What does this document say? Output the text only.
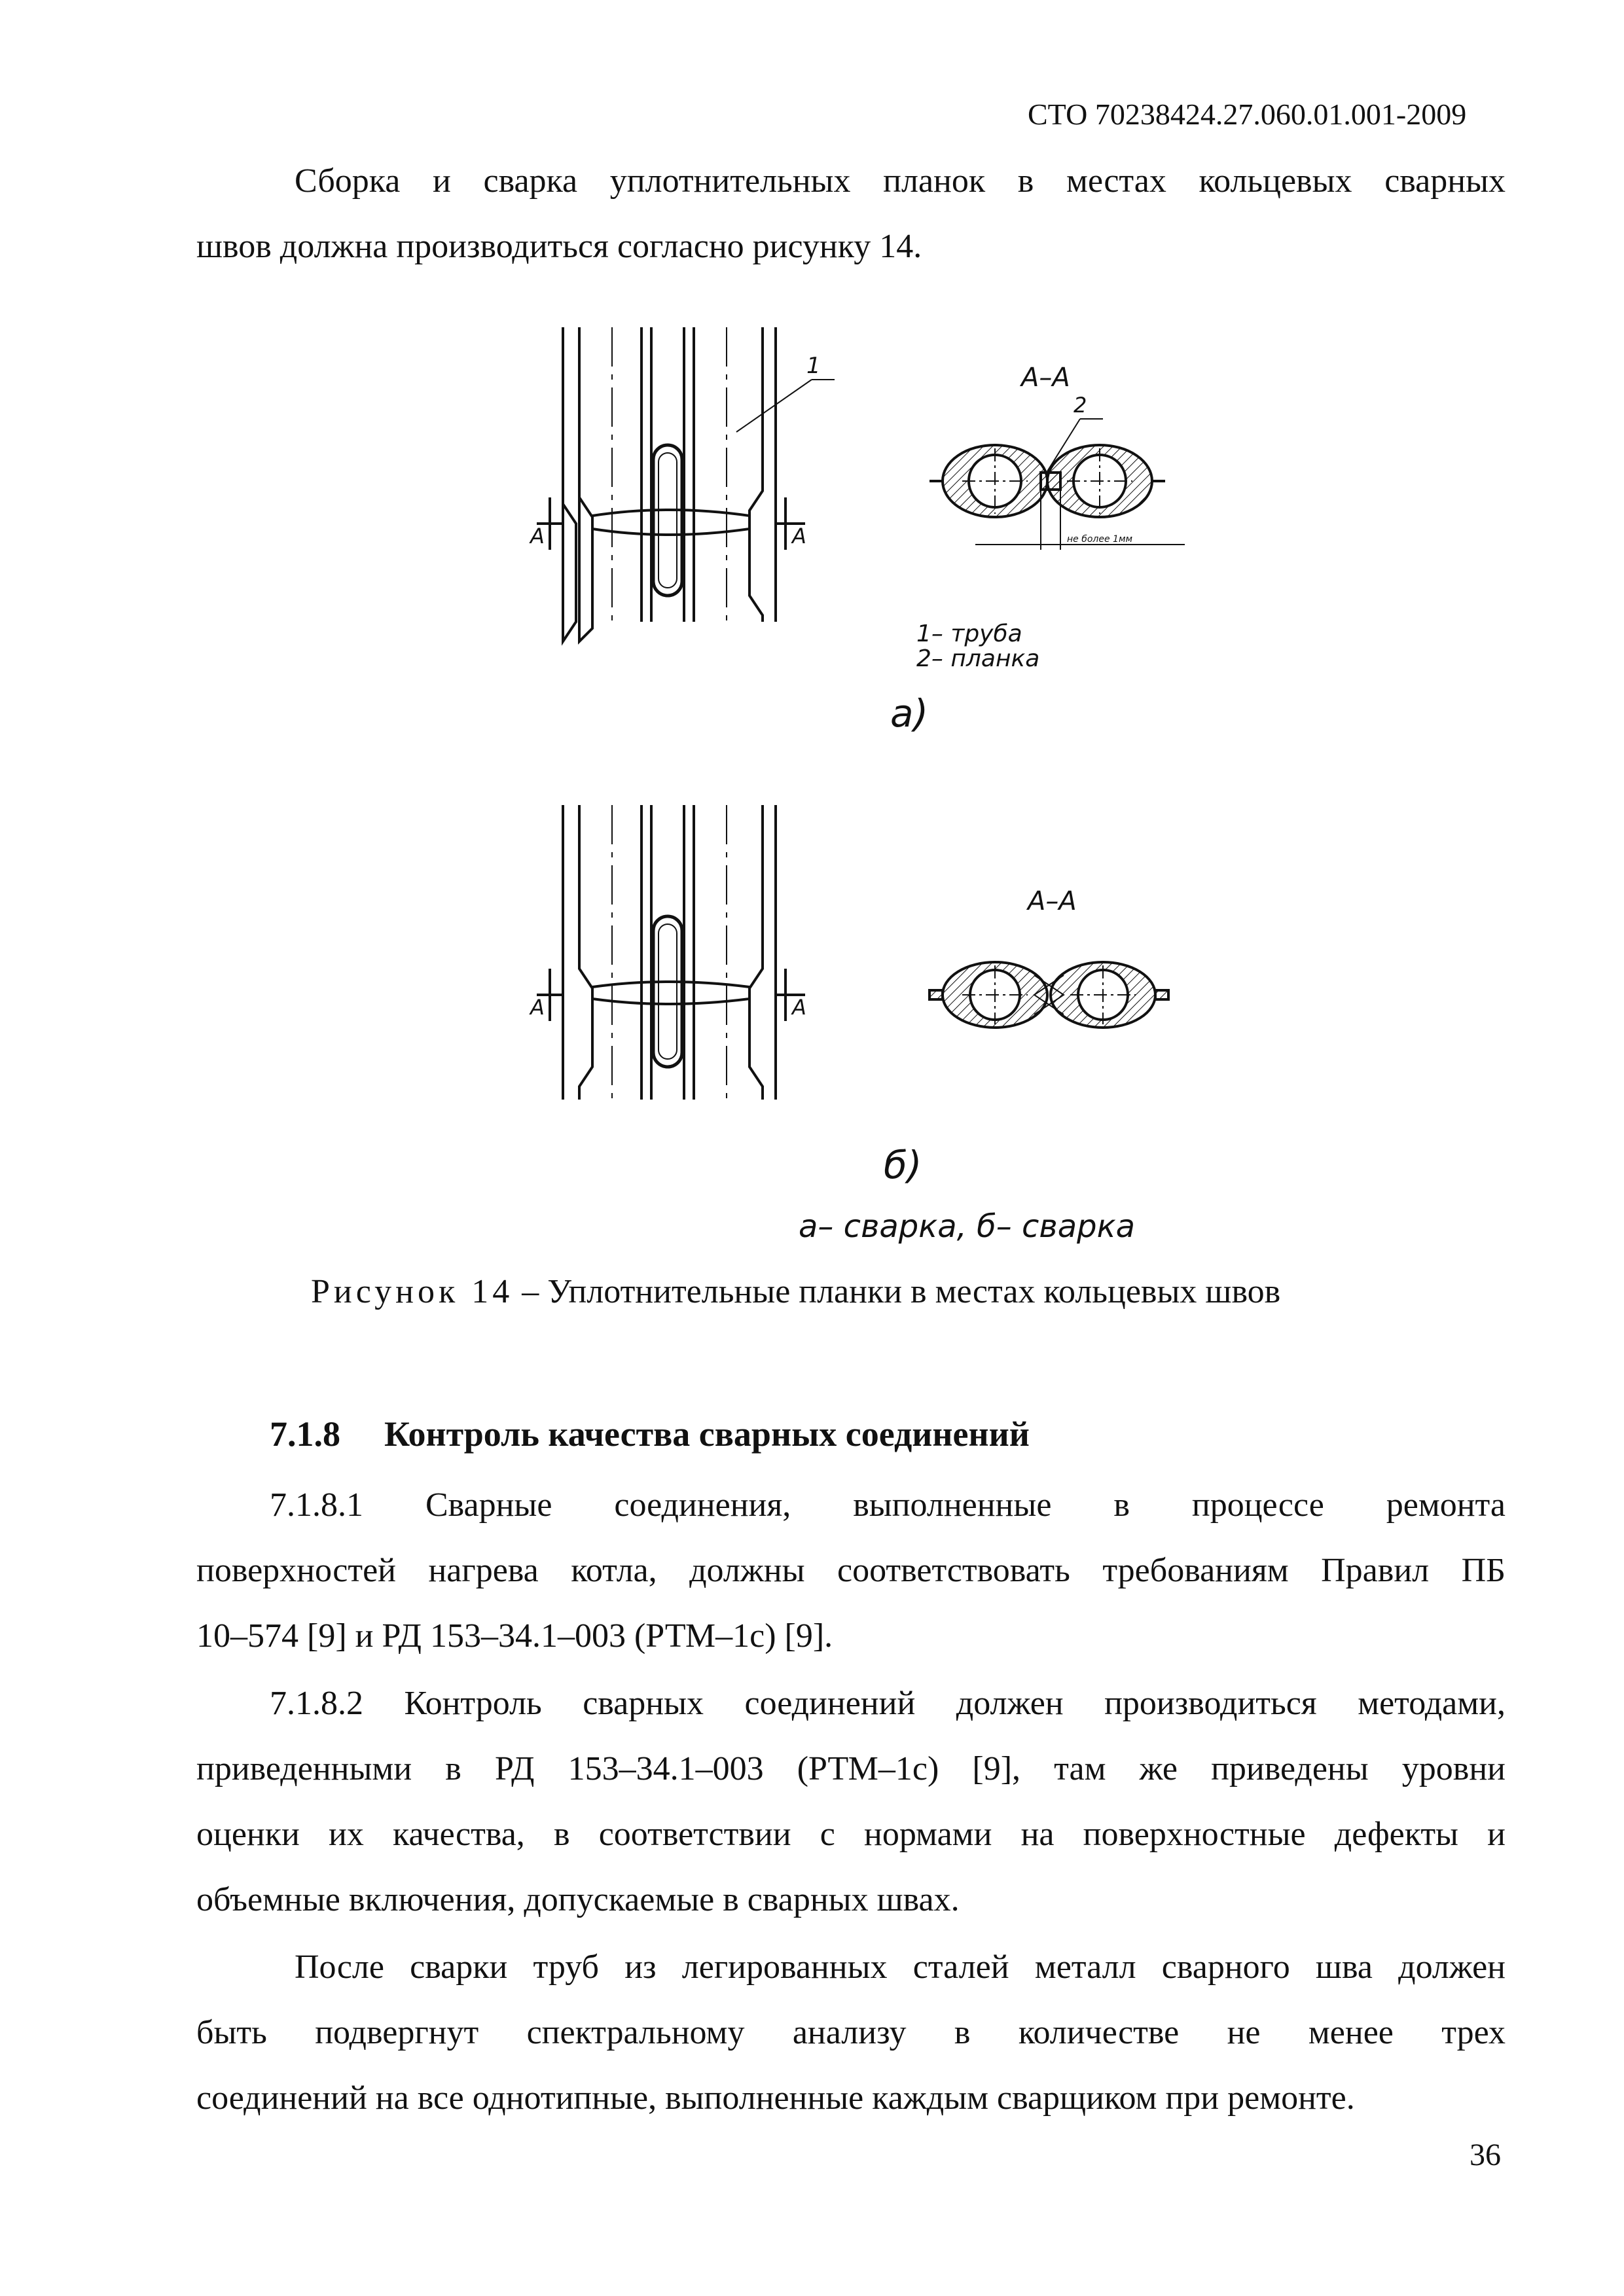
СТО 70238424.27.060.01.001-2009
Сборка и сварка уплотнительных планок в местах кольцевых сварных
швов должна производиться согласно рисунку 14.
А	А
1	А–А
2
не более 1мм
1– труба
2– планка
а)
А	А
А–А
б)
а– сварка, б– сварка
Рисунок 14 – Уплотнительные планки в местах кольцевых швов
7.1.8 Контроль качества сварных соединений
7.1.8.1 Сварные соединения, выполненные в процессе ремонта
поверхностей нагрева котла, должны соответствовать требованиям Правил ПБ
10–574 [9] и РД 153–34.1–003 (РТМ–1с) [9].
7.1.8.2 Контроль сварных соединений должен производиться методами,
приведенными в РД 153–34.1–003 (РТМ–1с) [9], там же приведены уровни
оценки их качества, в соответствии с нормами на поверхностные дефекты и
объемные включения, допускаемые в сварных швах.
После сварки труб из легированных сталей металл сварного шва должен
быть подвергнут спектральному анализу в количестве не менее трех
соединений на все однотипные, выполненные каждым сварщиком при ремонте.
36
